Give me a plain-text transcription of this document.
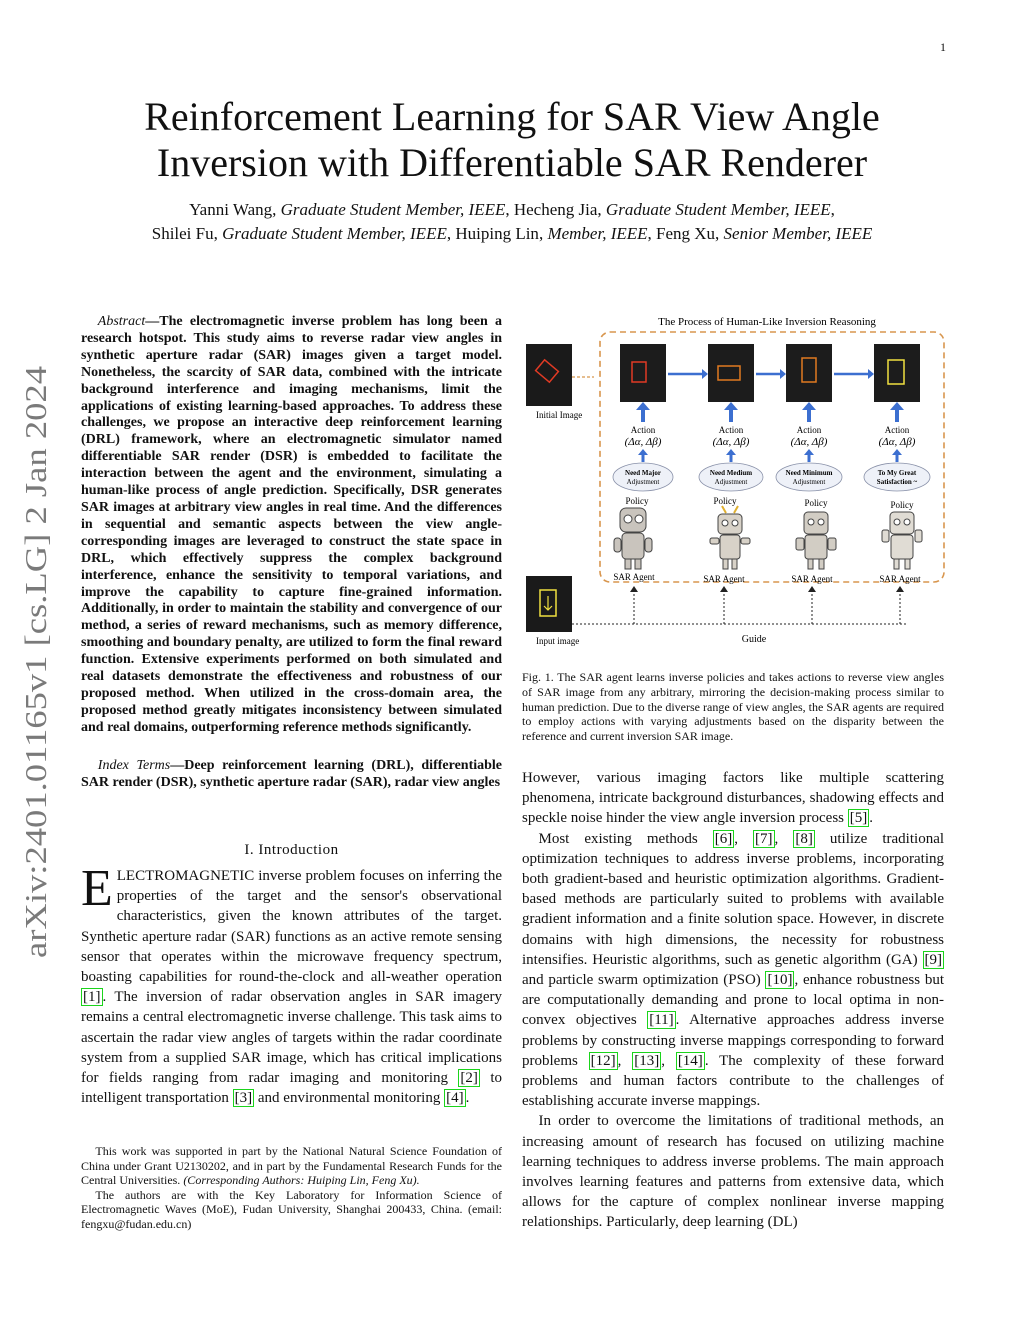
1
arXiv:2401.01165v1 [cs.LG] 2 Jan 2024
Reinforcement Learning for SAR View Angle
Inversion with Differentiable SAR Renderer
Yanni Wang, Graduate Student Member, IEEE, Hecheng Jia, Graduate Student Member, IEEE,
Shilei Fu, Graduate Student Member, IEEE, Huiping Lin, Member, IEEE, Feng Xu, Senior Member, IEEE
Abstract—The electromagnetic inverse problem has long been a research hotspot. This study aims to reverse radar view angles in synthetic aperture radar (SAR) images given a target model. Nonetheless, the scarcity of SAR data, combined with the intricate background interference and imaging mechanisms, limit the applications of existing learning-based approaches. To address these challenges, we propose an interactive deep reinforcement learning (DRL) framework, where an electromagnetic simulator named differentiable SAR render (DSR) is embedded to facilitate the interaction between the agent and the environment, simulating a human-like process of angle prediction. Specifically, DSR generates SAR images at arbitrary view angles in real time. And the differences in sequential and semantic aspects between the view angle-corresponding images are leveraged to construct the state space in DRL, which effectively suppress the complex background interference, enhance the sensitivity to temporal variations, and improve the capability to capture fine-grained information. Additionally, in order to maintain the stability and convergence of our method, a series of reward mechanisms, such as memory difference, smoothing and boundary penalty, are utilized to form the final reward function. Extensive experiments performed on both simulated and real datasets demonstrate the effectiveness and robustness of our proposed method. When utilized in the cross-domain area, the proposed method greatly mitigates inconsistency between simulated and real domains, outperforming reference methods significantly.
Index Terms—Deep reinforcement learning (DRL), differentiable SAR render (DSR), synthetic aperture radar (SAR), radar view angles
I. Introduction
ELECTROMAGNETIC inverse problem focuses on inferring the properties of the target and the sensor's observational characteristics, given the known attributes of the target. Synthetic aperture radar (SAR) functions as an active remote sensing sensor that operates within the microwave frequency spectrum, boasting capabilities for round-the-clock and all-weather operation [1] . The inversion of radar observation angles in SAR imagery remains a central electromagnetic inverse challenge. This task aims to ascertain the radar view angles of targets within the radar coordinate system from a supplied SAR image, which has critical implications for fields ranging from radar imaging and monitoring [2] to intelligent transportation [3] and environmental monitoring [4] .

This work was supported in part by the National Natural Science Foundation of China under Grant U2130202, and in part by the Fundamental Research Funds for the Central Universities. (Corresponding Authors: Huiping Lin, Feng Xu).

The authors are with the Key Laboratory for Information Science of Electromagnetic Waves (MoE), Fudan University, Shanghai 200433, China. (email: fengxu@fudan.edu.cn)

The Process of Human-Like Inversion Reasoning
Initial Image
Action
(Δα, Δβ)
Action
(Δα, Δβ)
Action
(Δα, Δβ)
Action
(Δα, Δβ)
Need Major
Adjustment
Need Medium
Adjustment
Need Minimum
Adjustment
To My Great
Satisfaction ~
Policy	Policy	Policy	Policy
SAR Agent	SAR Agent	SAR Agent	SAR Agent
Input image	Guide
Fig. 1. The SAR agent learns inverse policies and takes actions to reverse view angles of SAR image from any arbitrary, mirroring the decision-making process similar to human prediction. Due to the diverse range of view angles, the SAR agents are required to employ actions with varying adjustments based on the disparity between the reference and current inversion SAR image.

However, various imaging factors like multiple scattering phenomena, intricate background disturbances, shadowing effects and speckle noise hinder the view angle inversion process [5] .

Most existing methods [6] , [7] , [8] utilize traditional optimization techniques to address inverse problems, incorporating both gradient-based and heuristic optimization algorithms. Gradient-based methods are particularly suited to problems with available gradient information and a finite solution space. However, in discrete domains with high dimensions, the necessity for robustness intensifies. Heuristic algorithms, such as genetic algorithm (GA) [9] and particle swarm optimization (PSO) [10] , enhance robustness but are computationally demanding and prone to local optima in non-convex objectives [11] . Alternative approaches address inverse problems by constructing inverse mappings corresponding to forward problems [12] , [13] , [14] . The complexity of these forward problems and human factors contribute to the challenges of establishing accurate inverse mappings.

In order to overcome the limitations of traditional methods, an increasing amount of research has focused on utilizing machine learning techniques to address inverse problems. The main approach involves learning features and patterns from extensive data, which allows for the capture of complex nonlinear inverse mapping relationships. Particularly, deep learning (DL)
